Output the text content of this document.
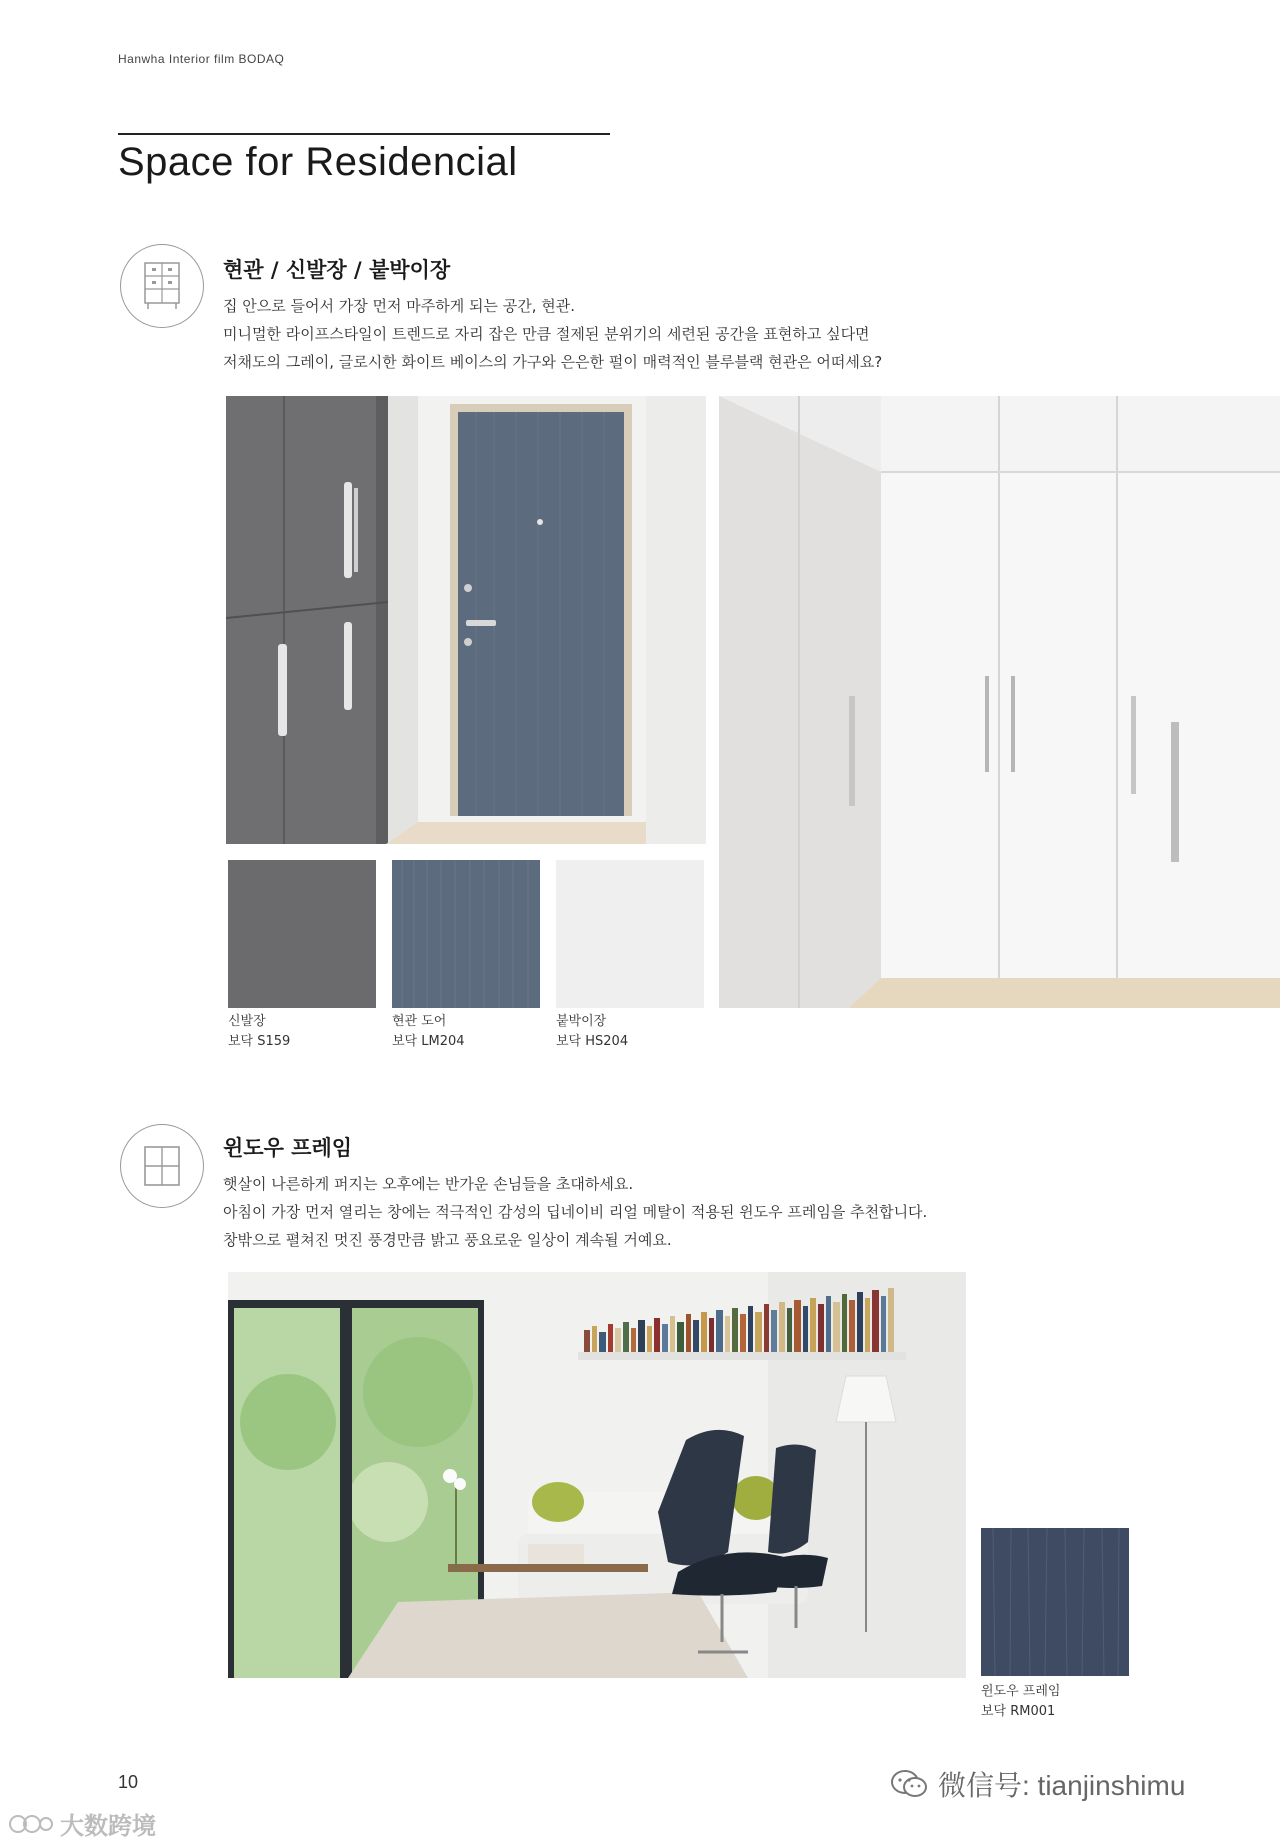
Hanwha Interior film BODAQ
Space for Residencial
현관 / 신발장 / 붙박이장
집 안으로 들어서 가장 먼저 마주하게 되는 공간, 현관.
미니멀한 라이프스타일이 트렌드로 자리 잡은 만큼 절제된 분위기의 세련된 공간을 표현하고 싶다면
저채도의 그레이, 글로시한 화이트 베이스의 가구와 은은한 펄이 매력적인 블루블랙 현관은 어떠세요?
신발장
보닥 S159
현관 도어
보닥 LM204
붙박이장
보닥 HS204
윈도우 프레임
햇살이 나른하게 퍼지는 오후에는 반가운 손님들을 초대하세요.
아침이 가장 먼저 열리는 창에는 적극적인 감성의 딥네이비 리얼 메탈이 적용된 윈도우 프레임을 추천합니다.
창밖으로 펼쳐진 멋진 풍경만큼 밝고 풍요로운 일상이 계속될 거예요.
윈도우 프레임
보닥 RM001
10	微信号: tianjinshimu
大数跨境
